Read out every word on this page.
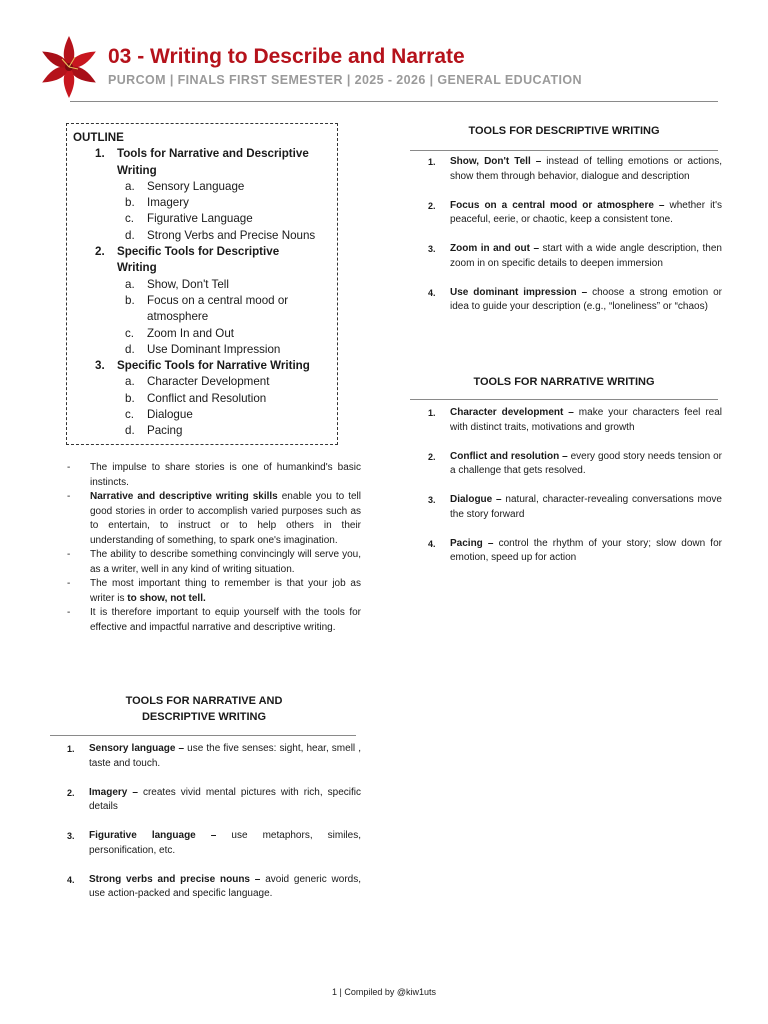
03 - Writing to Describe and Narrate
PURCOM | FINALS FIRST SEMESTER | 2025 - 2026 | GENERAL EDUCATION
OUTLINE
1.	Tools for Narrative and Descriptive
Writing
a.	Sensory Language
b.	Imagery
c.	Figurative Language
d.	Strong Verbs and Precise Nouns
2.	Specific Tools for Descriptive
Writing
a.	Show, Don't Tell
b.	Focus on a central mood or
atmosphere
c.	Zoom In and Out
d.	Use Dominant Impression
3.	Specific Tools for Narrative Writing
a.	Character Development
b.	Conflict and Resolution
c.	Dialogue
d.	Pacing
-	The impulse to share stories is one of humankind's basic instincts.
-	Narrative and descriptive writing skills enable you to tell good stories in order to accomplish varied purposes such as to entertain, to instruct or to help others in their understanding of something, to spark one's imagination.
-	The ability to describe something convincingly will serve you, as a writer, well in any kind of writing situation.
-	The most important thing to remember is that your job as writer is to show, not tell.
-	It is therefore important to equip yourself with the tools for effective and impactful narrative and descriptive writing.
TOOLS FOR NARRATIVE AND
DESCRIPTIVE WRITING
1.	Sensory language – use the five senses: sight, hear, smell , taste and touch.
2.	Imagery – creates vivid mental pictures with rich, specific details
3.	Figurative language – use metaphors, similes, personification, etc.
4.	Strong verbs and precise nouns – avoid generic words, use action-packed and specific language.
TOOLS FOR DESCRIPTIVE WRITING
1.	Show, Don't Tell – instead of telling emotions or actions, show them through behavior, dialogue and description
2.	Focus on a central mood or atmosphere – whether it's peaceful, eerie, or chaotic, keep a consistent tone.
3.	Zoom in and out – start with a wide angle description, then zoom in on specific details to deepen immersion
4.	Use dominant impression – choose a strong emotion or idea to guide your description (e.g., “loneliness” or “chaos)
TOOLS FOR NARRATIVE WRITING
1.	Character development – make your characters feel real with distinct traits, motivations and growth
2.	Conflict and resolution – every good story needs tension or a challenge that gets resolved.
3.	Dialogue – natural, character-revealing conversations move the story forward
4.	Pacing – control the rhythm of your story; slow down for emotion, speed up for action
1 | Compiled by @kiw1uts
